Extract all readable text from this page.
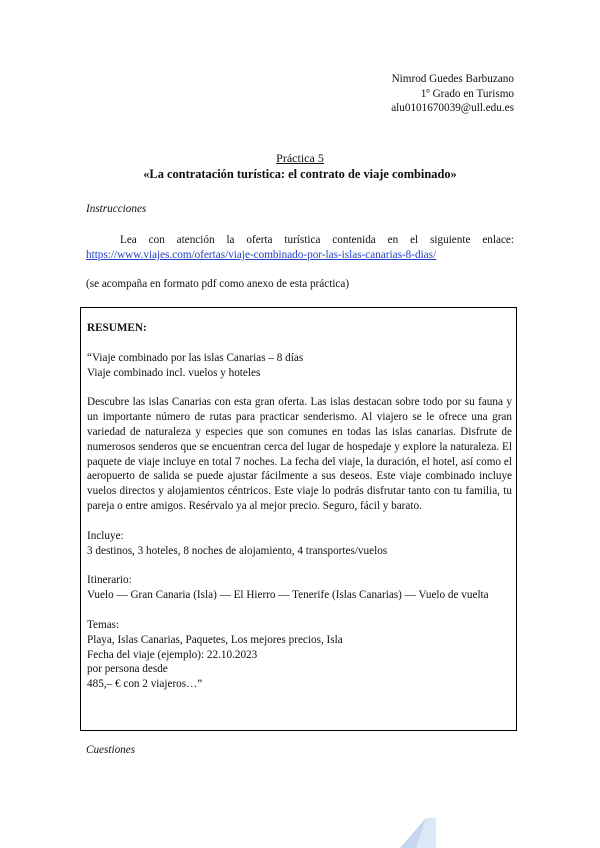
Nimrod Guedes Barbuzano
1º Grado en Turismo
alu0101670039@ull.edu.es
Práctica 5
«La contratación turística: el contrato de viaje combinado»
Instrucciones
Lea con atención la oferta turística contenida en el siguiente enlace: https://www.viajes.com/ofertas/viaje-combinado-por-las-islas-canarias-8-dias/
(se acompaña en formato pdf como anexo de esta práctica)

RESUMEN:

“Viaje combinado por las islas Canarias – 8 días

Viaje combinado incl. vuelos y hoteles

Descubre las islas Canarias con esta gran oferta. Las islas destacan sobre todo por su fauna y un importante número de rutas para practicar senderismo. Al viajero se le ofrece una gran variedad de naturaleza y especies que son comunes en todas las islas canarias. Disfrute de numerosos senderos que se encuentran cerca del lugar de hospedaje y explore la naturaleza. El paquete de viaje incluye en total 7 noches. La fecha del viaje, la duración, el hotel, así como el aeropuerto de salida se puede ajustar fácilmente a sus deseos. Este viaje combinado incluye vuelos directos y alojamientos céntricos. Este viaje lo podrás disfrutar tanto con tu familia, tu pareja o entre amigos. Resérvalo ya al mejor precio. Seguro, fácil y barato.

Incluye:

3 destinos, 3 hoteles, 8 noches de alojamiento, 4 transportes/vuelos

Itinerario:

Vuelo — Gran Canaria (Isla) — El Hierro — Tenerife (Islas Canarias) — Vuelo de vuelta

Temas:

Playa, Islas Canarias, Paquetes, Los mejores precios, Isla

Fecha del viaje (ejemplo): 22.10.2023

por persona desde

485,– € con 2 viajeros…”

Cuestiones
